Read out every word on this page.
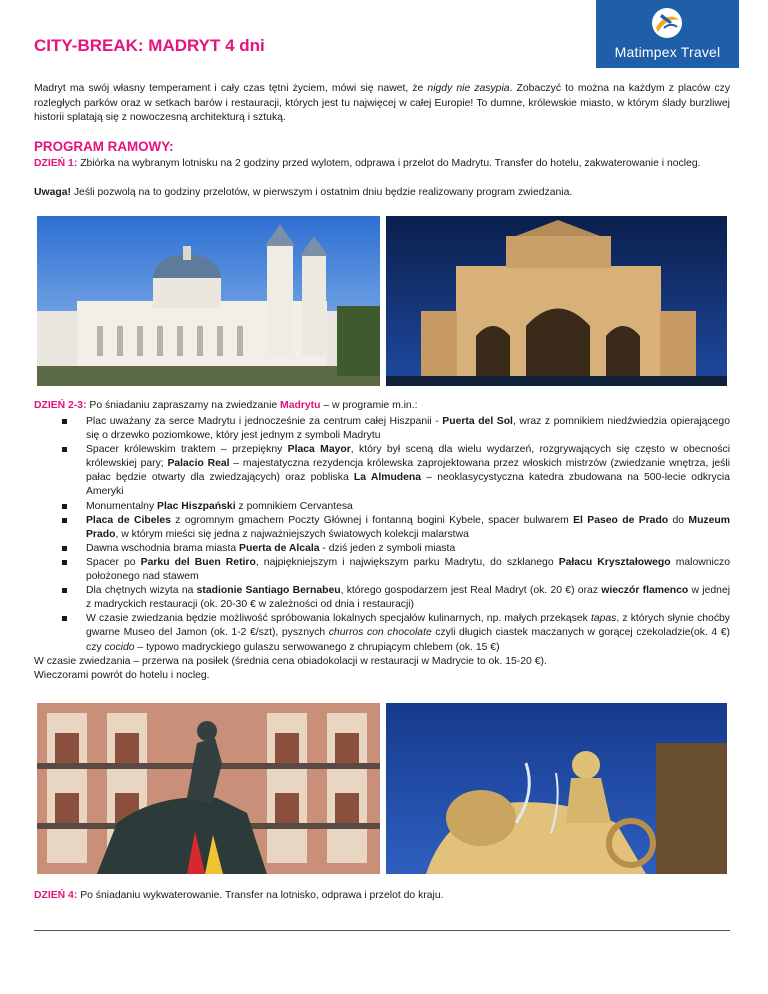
Matimpex Travel
CITY-BREAK: MADRYT 4 dni

Madryt ma swój własny temperament i cały czas tętni życiem, mówi się nawet, że nigdy nie zasypia. Zobaczyć to można na każdym z placów czy rozległych parków oraz w setkach barów i restauracji, których jest tu najwięcej w całej Europie! To dumne, królewskie miasto, w którym ślady burzliwej historii splatają się z nowoczesną architekturą i sztuką.

PROGRAM RAMOWY:

DZIEŃ 1: Zbiórka na wybranym lotnisku na 2 godziny przed wylotem, odprawa i przelot do Madrytu. Transfer do hotelu, zakwaterowanie i nocleg.

Uwaga! Jeśli pozwolą na to godziny przelotów, w pierwszym i ostatnim dniu będzie realizowany program zwiedzania.

DZIEŃ 2-3: Po śniadaniu zapraszamy na zwiedzanie Madrytu – w programie m.in.:

Plac uważany za serce Madrytu i jednocześnie za centrum całej Hiszpanii - Puerta del Sol, wraz z pomnikiem niedźwiedzia opierającego się o drzewko poziomkowe, który jest jednym z symboli Madrytu
Spacer królewskim traktem – przepiękny Placa Mayor, który był sceną dla wielu wydarzeń, rozgrywających się często w obecności królewskiej pary; Palacio Real – majestatyczna rezydencja królewska zaprojektowana przez włoskich mistrzów (zwiedzanie wnętrza, jeśli pałac będzie otwarty dla zwiedzających) oraz pobliska La Almudena – neoklasycystyczna katedra zbudowana na 500-lecie odkrycia Ameryki
Monumentalny Plac Hiszpański z pomnikiem Cervantesa
Placa de Cibeles z ogromnym gmachem Poczty Głównej i fontanną bogini Kybele, spacer bulwarem El Paseo de Prado do Muzeum Prado, w którym mieści się jedna z najważniejszych światowych kolekcji malarstwa
Dawna wschodnia brama miasta Puerta de Alcala - dziś jeden z symboli miasta
Spacer po Parku del Buen Retiro, najpiękniejszym i największym parku Madrytu, do szklanego Pałacu Kryształowego malowniczo położonego nad stawem
Dla chętnych wizyta na stadionie Santiago Bernabeu, którego gospodarzem jest Real Madryt (ok. 20 €) oraz wieczór flamenco w jednej z madryckich restauracji (ok. 20-30 € w zależności od dnia i restauracji)
W czasie zwiedzania będzie możliwość spróbowania lokalnych specjałów kulinarnych, np. małych przekąsek tapas, z których słynie choćby gwarne Museo del Jamon (ok. 1-2 €/szt), pysznych churros con chocolate czyli długich ciastek maczanych w gorącej czekoladzie(ok. 4 €) czy cocido – typowo madryckiego gulaszu serwowanego z chrupiącym chlebem (ok. 15 €)

W czasie zwiedzania – przerwa na posiłek (średnia cena obiadokolacji w restauracji w Madrycie to ok. 15-20 €).

Wieczorami powrót do hotelu i nocleg.

DZIEŃ 4: Po śniadaniu wykwaterowanie. Transfer na lotnisko, odprawa i przelot do kraju.
